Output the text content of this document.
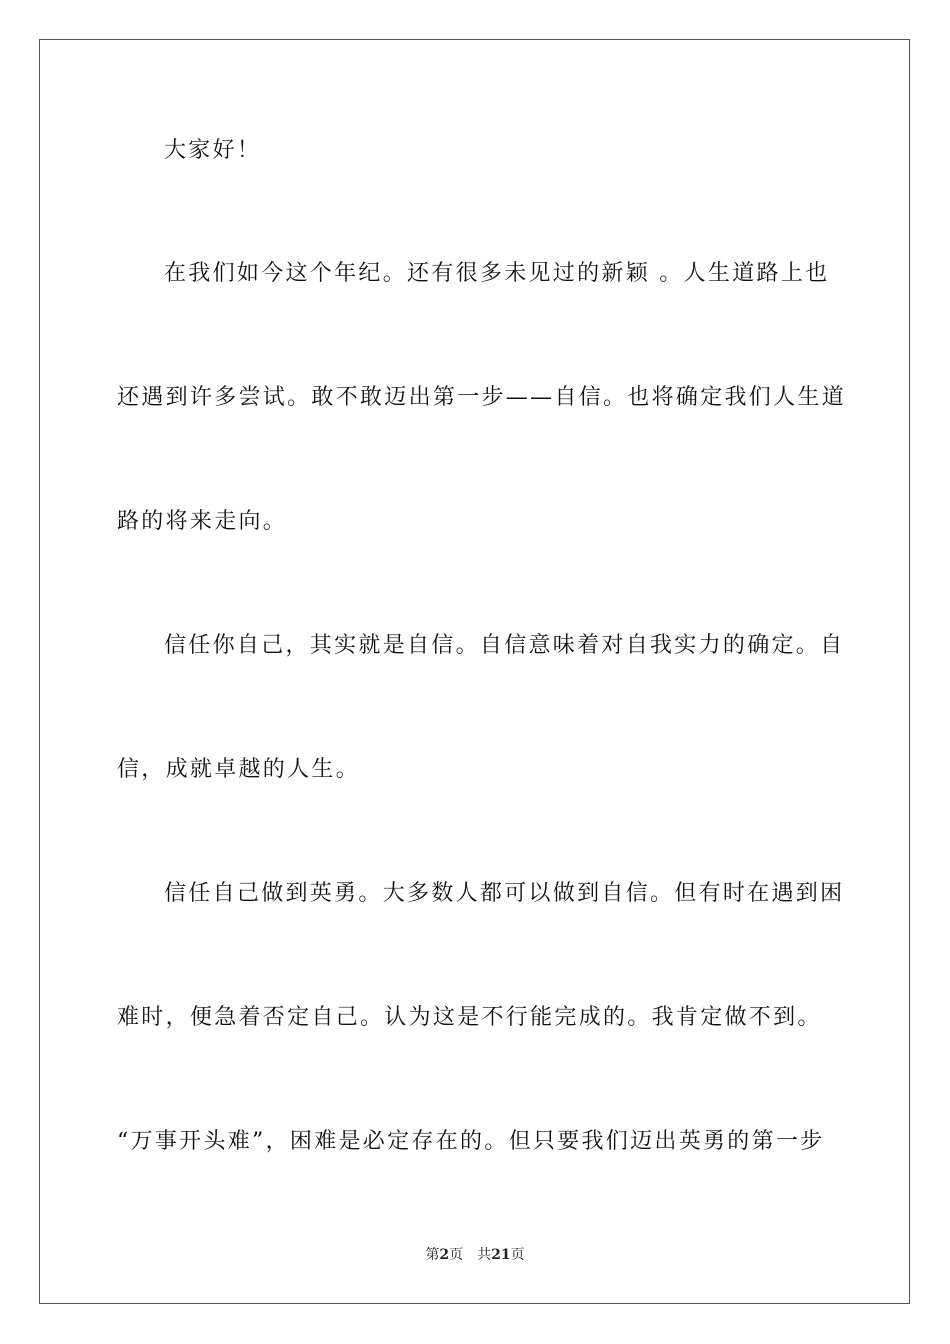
大家好！
在我们如今这个年纪。还有很多未见过的新颖 。人生道路上也
还遇到许多尝试。敢不敢迈出第一步——自信。也将确定我们人生道
路的将来走向。
信任你自己，其实就是自信。自信意味着对自我实力的确定。自
信，成就卓越的人生。
信任自己做到英勇。大多数人都可以做到自信。但有时在遇到困
难时，便急着否定自己。认为这是不行能完成的。我肯定做不到。
“万事开头难”，困难是必定存在的。但只要我们迈出英勇的第一步
第2页 共21页
